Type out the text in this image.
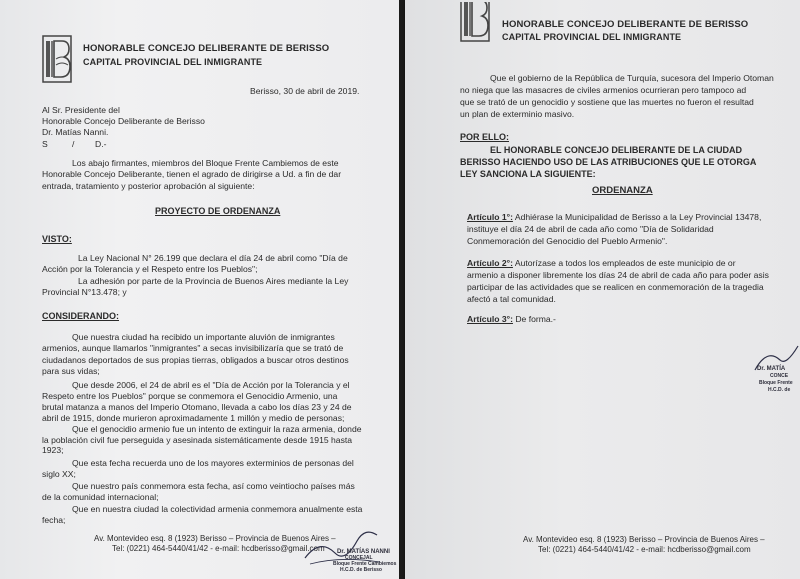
HONORABLE CONCEJO DELIBERANTE DE BERISSO
CAPITAL PROVINCIAL DEL INMIGRANTE
Berisso, 30 de abril de 2019.
Al Sr. Presidente del
Honorable Concejo Deliberante de Berisso
Dr. Matías Nanni.
S	/ D.-
Los abajo firmantes, miembros del Bloque Frente Cambiemos de este
Honorable Concejo Deliberante, tienen el agrado de dirigirse a Ud. a fin de dar
entrada, tratamiento y posterior aprobación al siguiente:
PROYECTO DE ORDENANZA
VISTO:
La Ley Nacional N° 26.199 que declara el día 24 de abril como "Día de
Acción por la Tolerancia y el Respeto entre los Pueblos";
La adhesión por parte de la Provincia de Buenos Aires mediante la Ley
Provincial N°13.478; y
CONSIDERANDO:
Que nuestra ciudad ha recibido un importante aluvión de inmigrantes
armenios, aunque llamarlos "inmigrantes" a secas invisibilizaría que se trató de
ciudadanos deportados de sus propias tierras, obligados a buscar otros destinos
para sus vidas;
Que desde 2006, el 24 de abril es el "Día de Acción por la Tolerancia y el
Respeto entre los Pueblos" porque se conmemora el Genocidio Armenio, una
brutal matanza a manos del Imperio Otomano, llevada a cabo los días 23 y 24 de
abril de 1915, donde murieron aproximadamente 1 millón y medio de personas;
Que el genocidio armenio fue un intento de extinguir la raza armenia, donde
la población civil fue perseguida y asesinada sistemáticamente desde 1915 hasta
1923;
Que esta fecha recuerda uno de los mayores exterminios de personas del
siglo XX;
Que nuestro país conmemora esta fecha, así como veintiocho países más
de la comunidad internacional;
Que en nuestra ciudad la colectividad armenia conmemora anualmente esta
fecha;
Av. Montevideo esq. 8 (1923) Berisso – Provincia de Buenos Aires –
Tel: (0221) 464-5440/41/42 - e-mail: hcdberisso@gmail.com Dr. MATÍAS NANNI
CONCEJAL
Bloque Frente Cambiemos
H.C.D. de Berisso
HONORABLE CONCEJO DELIBERANTE DE BERISSO
CAPITAL PROVINCIAL DEL INMIGRANTE
Que el gobierno de la República de Turquía, sucesora del Imperio Otoman
no niega que las masacres de civiles armenios ocurrieran pero tampoco ad
que se trató de un genocidio y sostiene que las muertes no fueron el resultad
un plan de exterminio masivo.
POR ELLO:
EL HONORABLE CONCEJO DELIBERANTE DE LA CIUDAD
BERISSO HACIENDO USO DE LAS ATRIBUCIONES QUE LE OTORGA
LEY SANCIONA LA SIGUIENTE:
ORDENANZA
Artículo 1°: Adhiérase la Municipalidad de Berisso a la Ley Provincial 13478,
instituye el día 24 de abril de cada año como "Día de Solidaridad
Conmemoración del Genocidio del Pueblo Armenio".
Artículo 2°: Autorízase a todos los empleados de este municipio de or
armenio a disponer libremente los días 24 de abril de cada año para poder asis
participar de las actividades que se realicen en conmemoración de la tragedia
afectó a tal comunidad.
Artículo 3°: De forma.-
Dr. MATÍA
CONCE
Bloque Frente
H.C.D. de
Av. Montevideo esq. 8 (1923) Berisso – Provincia de Buenos Aires –
Tel: (0221) 464-5440/41/42 - e-mail: hcdberisso@gmail.com
